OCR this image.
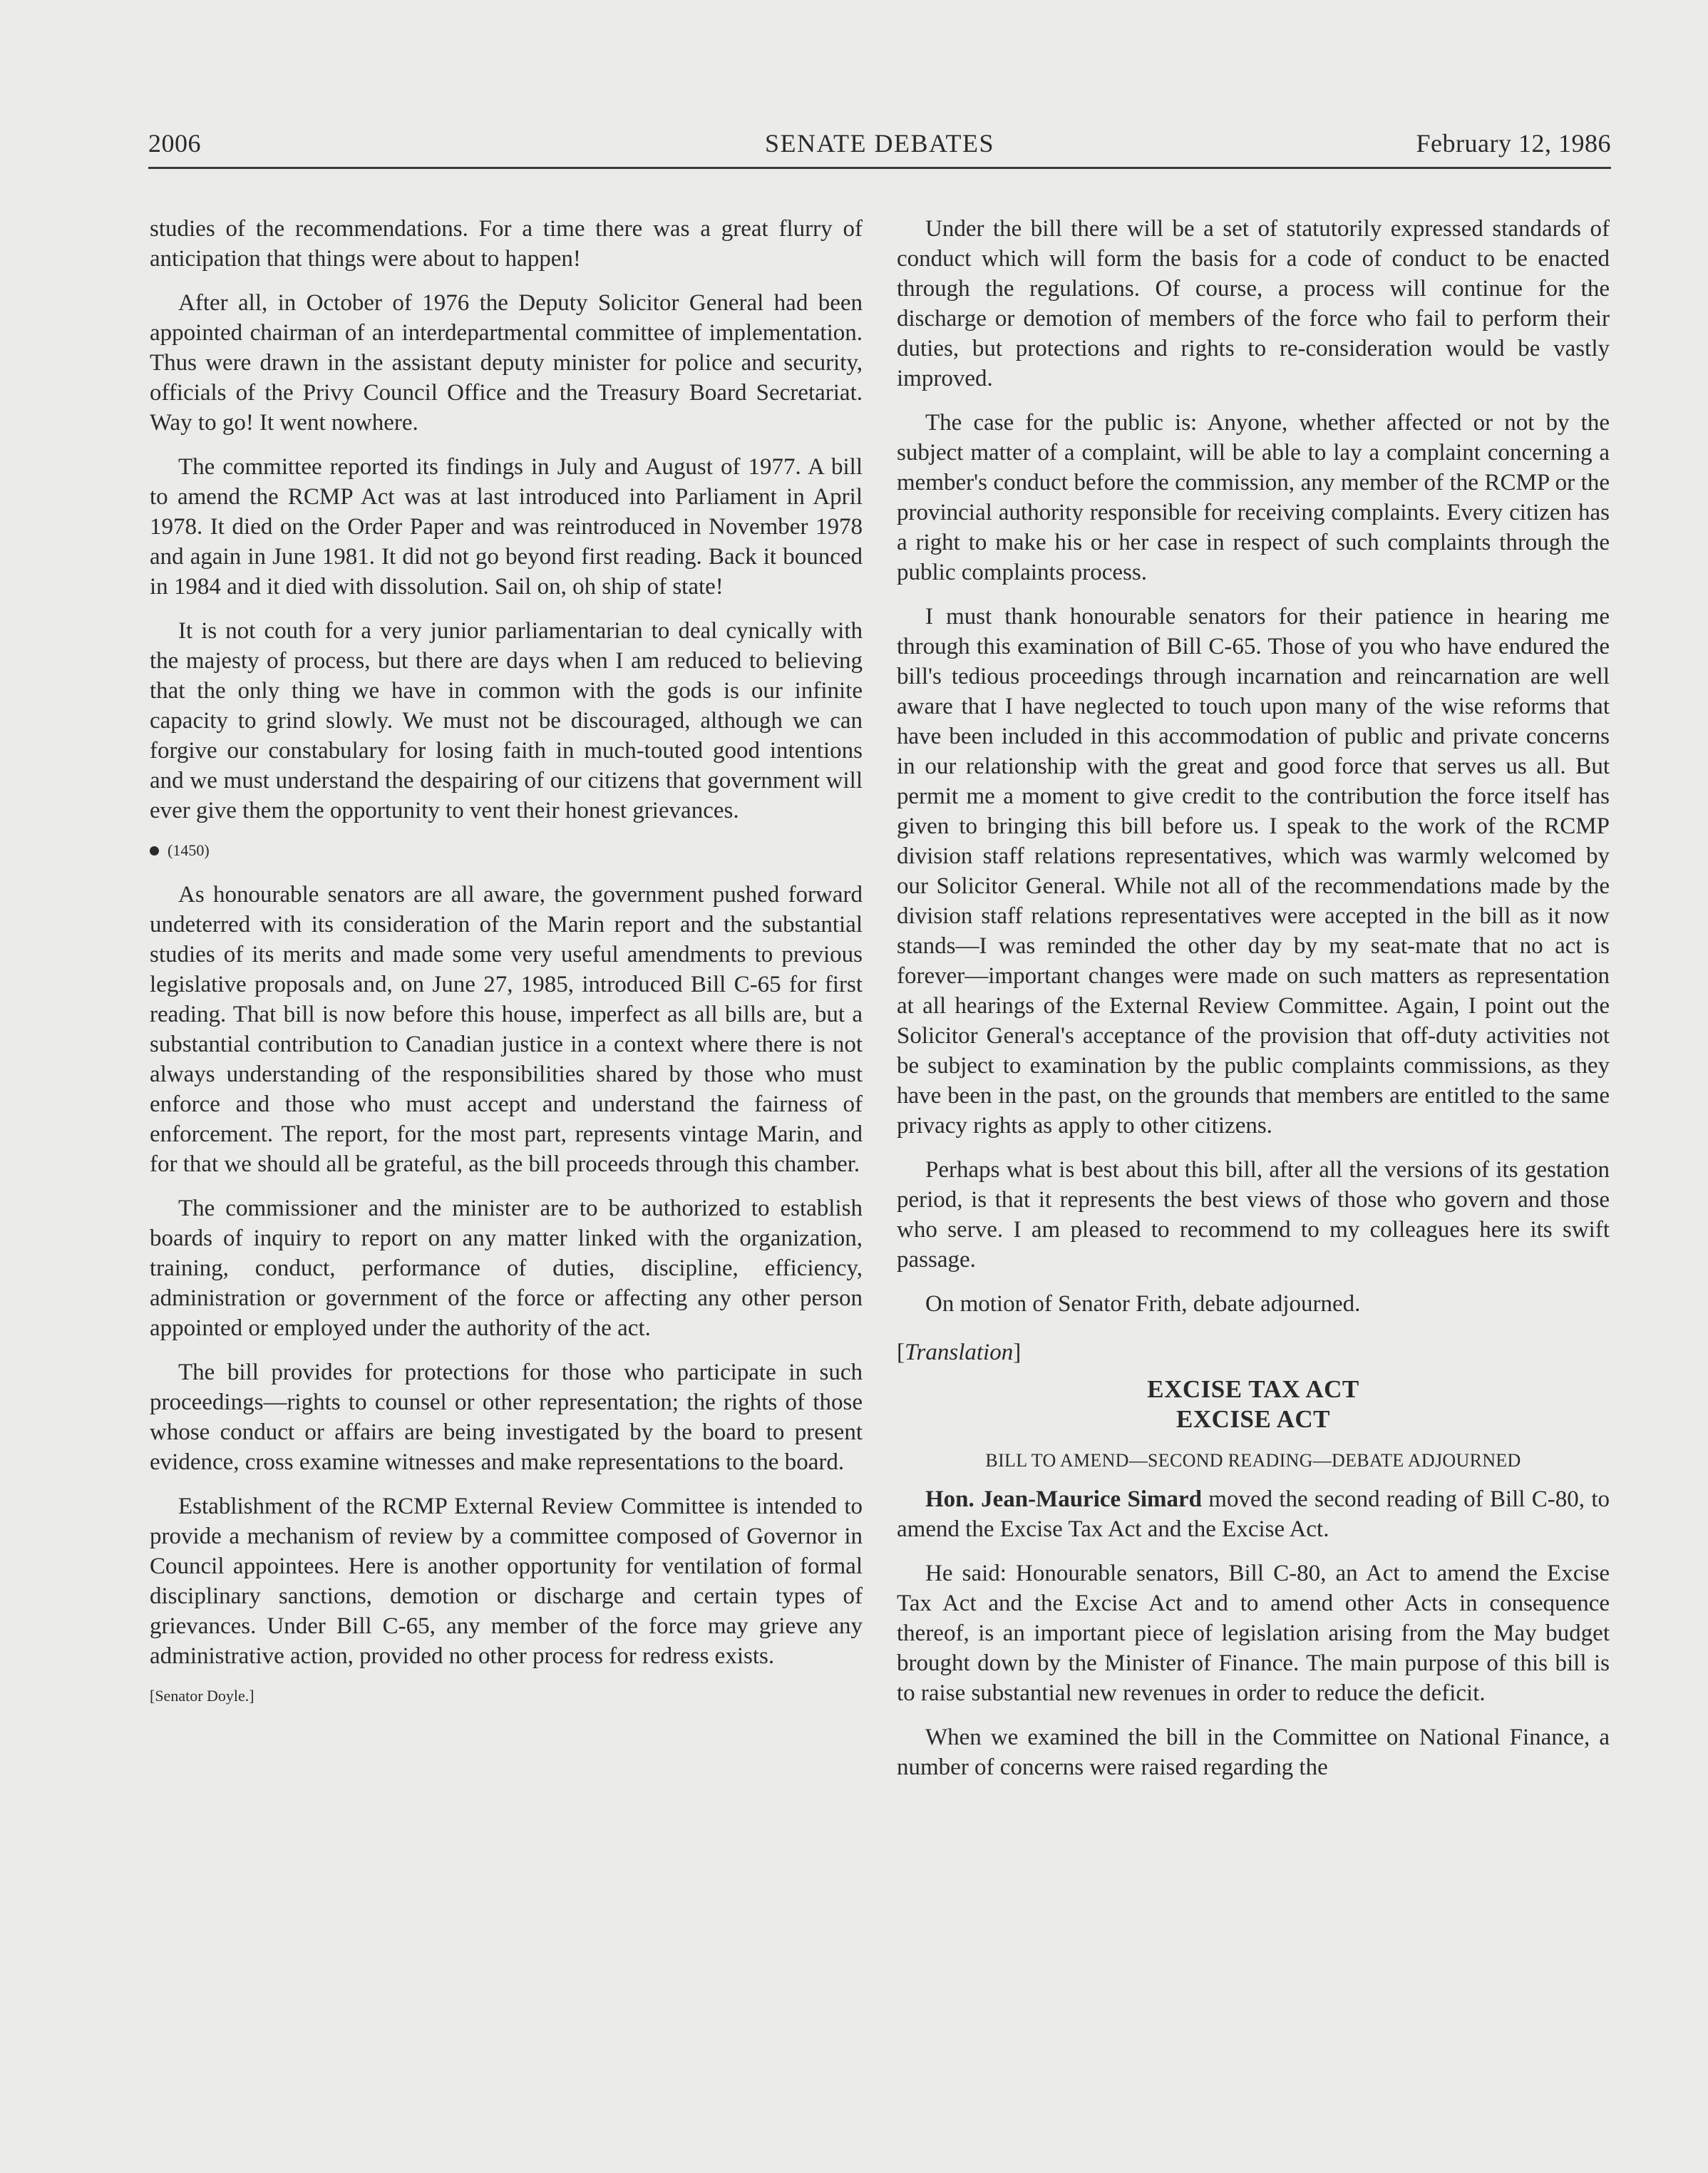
2006	SENATE DEBATES	February 12, 1986

studies of the recommendations. For a time there was a great flurry of anticipation that things were about to happen!

After all, in October of 1976 the Deputy Solicitor General had been appointed chairman of an interdepartmental committee of implementation. Thus were drawn in the assistant deputy minister for police and security, officials of the Privy Council Office and the Treasury Board Secretariat. Way to go! It went nowhere.

The committee reported its findings in July and August of 1977. A bill to amend the RCMP Act was at last introduced into Parliament in April 1978. It died on the Order Paper and was reintroduced in November 1978 and again in June 1981. It did not go beyond first reading. Back it bounced in 1984 and it died with dissolution. Sail on, oh ship of state!

It is not couth for a very junior parliamentarian to deal cynically with the majesty of process, but there are days when I am reduced to believing that the only thing we have in common with the gods is our infinite capacity to grind slowly. We must not be discouraged, although we can forgive our constabulary for losing faith in much-touted good intentions and we must understand the despairing of our citizens that government will ever give them the opportunity to vent their honest grievances.

(1450)

As honourable senators are all aware, the government pushed forward undeterred with its consideration of the Marin report and the substantial studies of its merits and made some very useful amendments to previous legislative proposals and, on June 27, 1985, introduced Bill C-65 for first reading. That bill is now before this house, imperfect as all bills are, but a substantial contribution to Canadian justice in a context where there is not always understanding of the responsibilities shared by those who must enforce and those who must accept and understand the fairness of enforcement. The report, for the most part, represents vintage Marin, and for that we should all be grateful, as the bill proceeds through this chamber.

The commissioner and the minister are to be authorized to establish boards of inquiry to report on any matter linked with the organization, training, conduct, performance of duties, discipline, efficiency, administration or government of the force or affecting any other person appointed or employed under the authority of the act.

The bill provides for protections for those who participate in such proceedings—rights to counsel or other representation; the rights of those whose conduct or affairs are being investigated by the board to present evidence, cross examine witnesses and make representations to the board.

Establishment of the RCMP External Review Committee is intended to provide a mechanism of review by a committee composed of Governor in Council appointees. Here is another opportunity for ventilation of formal disciplinary sanctions, demotion or discharge and certain types of grievances. Under Bill C-65, any member of the force may grieve any administrative action, provided no other process for redress exists.

[Senator Doyle.]

Under the bill there will be a set of statutorily expressed standards of conduct which will form the basis for a code of conduct to be enacted through the regulations. Of course, a process will continue for the discharge or demotion of members of the force who fail to perform their duties, but protections and rights to re-consideration would be vastly improved.

The case for the public is: Anyone, whether affected or not by the subject matter of a complaint, will be able to lay a complaint concerning a member's conduct before the commission, any member of the RCMP or the provincial authority responsible for receiving complaints. Every citizen has a right to make his or her case in respect of such complaints through the public complaints process.

I must thank honourable senators for their patience in hearing me through this examination of Bill C-65. Those of you who have endured the bill's tedious proceedings through incarnation and reincarnation are well aware that I have neglected to touch upon many of the wise reforms that have been included in this accommodation of public and private concerns in our relationship with the great and good force that serves us all. But permit me a moment to give credit to the contribution the force itself has given to bringing this bill before us. I speak to the work of the RCMP division staff relations representatives, which was warmly welcomed by our Solicitor General. While not all of the recommendations made by the division staff relations representatives were accepted in the bill as it now stands—I was reminded the other day by my seat-mate that no act is forever—important changes were made on such matters as representation at all hearings of the External Review Committee. Again, I point out the Solicitor General's acceptance of the provision that off-duty activities not be subject to examination by the public complaints commissions, as they have been in the past, on the grounds that members are entitled to the same privacy rights as apply to other citizens.

Perhaps what is best about this bill, after all the versions of its gestation period, is that it represents the best views of those who govern and those who serve. I am pleased to recommend to my colleagues here its swift passage.

On motion of Senator Frith, debate adjourned.

[Translation]
EXCISE TAX ACT
EXCISE ACT
BILL TO AMEND—SECOND READING—DEBATE ADJOURNED

Hon. Jean-Maurice Simard moved the second reading of Bill C-80, to amend the Excise Tax Act and the Excise Act.

He said: Honourable senators, Bill C-80, an Act to amend the Excise Tax Act and the Excise Act and to amend other Acts in consequence thereof, is an important piece of legislation arising from the May budget brought down by the Minister of Finance. The main purpose of this bill is to raise substantial new revenues in order to reduce the deficit.

When we examined the bill in the Committee on National Finance, a number of concerns were raised regarding the
